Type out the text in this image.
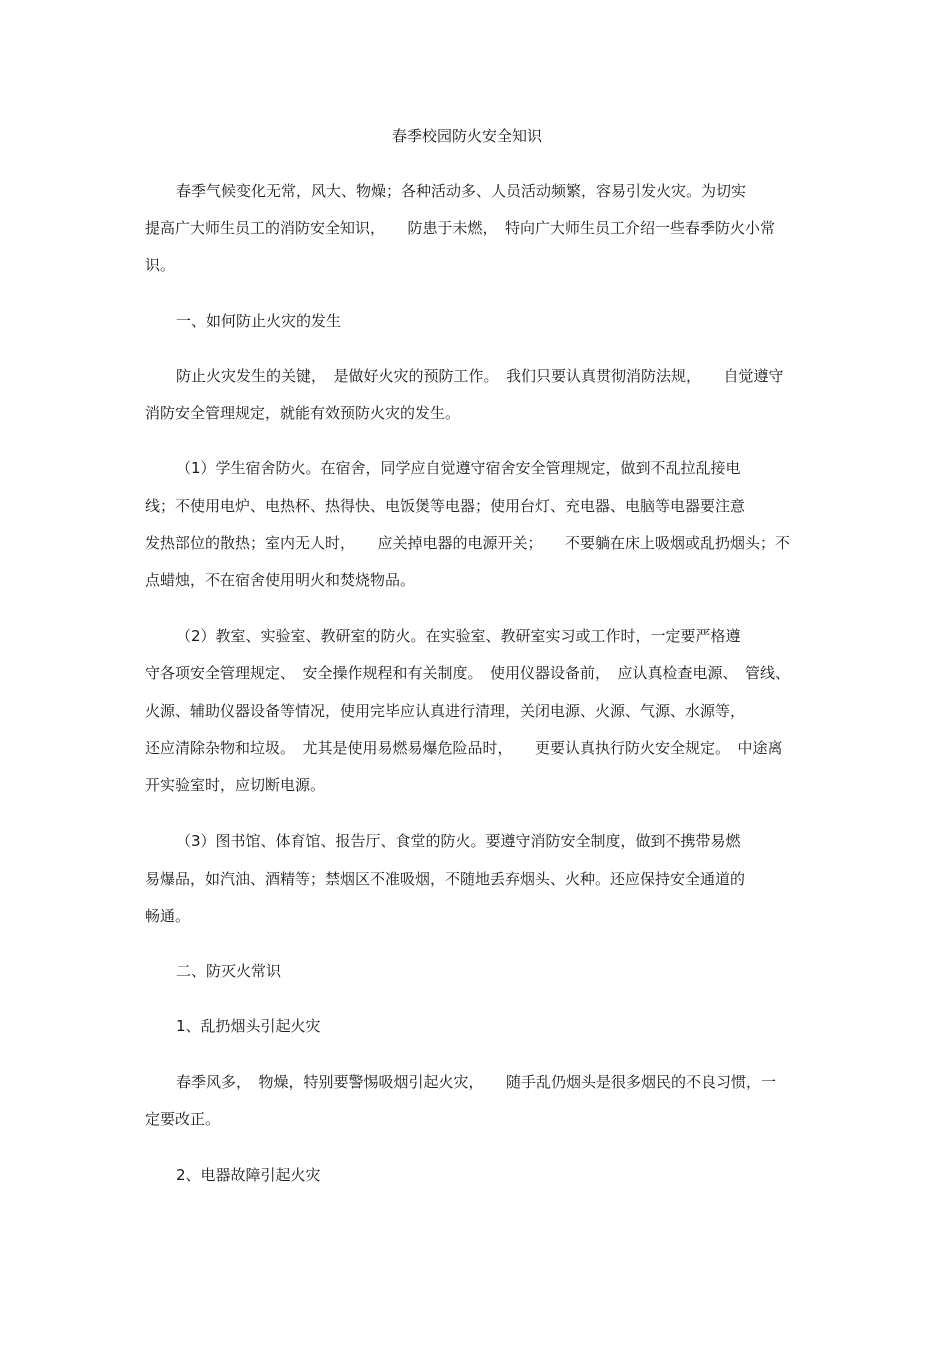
春季校园防火安全知识

春季气候变化无常，风大、物燥；各种活动多、人员活动频繁，容易引发火灾。为切实

提高广大师生员工的消防安全知识，　　防患于未燃，　特向广大师生员工介绍一些春季防火小常

识。

一、如何防止火灾的发生

防止火灾发生的关键，　是做好火灾的预防工作。　我们只要认真贯彻消防法规，　　自觉遵守

消防安全管理规定，就能有效预防火灾的发生。

（1）学生宿舍防火。在宿舍，同学应自觉遵守宿舍安全管理规定，做到不乱拉乱接电

线；不使用电炉、电热杯、热得快、电饭煲等电器；使用台灯、充电器、电脑等电器要注意

发热部位的散热；室内无人时，　　应关掉电器的电源开关；　　不要躺在床上吸烟或乱扔烟头；不

点蜡烛，不在宿舍使用明火和焚烧物品。

（2）教室、实验室、教研室的防火。在实验室、教研室实习或工作时，一定要严格遵

守各项安全管理规定、　安全操作规程和有关制度。　使用仪器设备前，　应认真检查电源、　管线、

火源、辅助仪器设备等情况，使用完毕应认真进行清理，关闭电源、火源、气源、水源等，

还应清除杂物和垃圾。　尤其是使用易燃易爆危险品时，　　更要认真执行防火安全规定。　中途离

开实验室时，应切断电源。

（3）图书馆、体育馆、报告厅、食堂的防火。要遵守消防安全制度，做到不携带易燃

易爆品，如汽油、酒精等；禁烟区不准吸烟，不随地丢弃烟头、火种。还应保持安全通道的

畅通。

二、防灭火常识

1、乱扔烟头引起火灾

春季风多，　物燥，特别要警惕吸烟引起火灾，　　随手乱仍烟头是很多烟民的不良习惯，一

定要改正。

2、电器故障引起火灾
